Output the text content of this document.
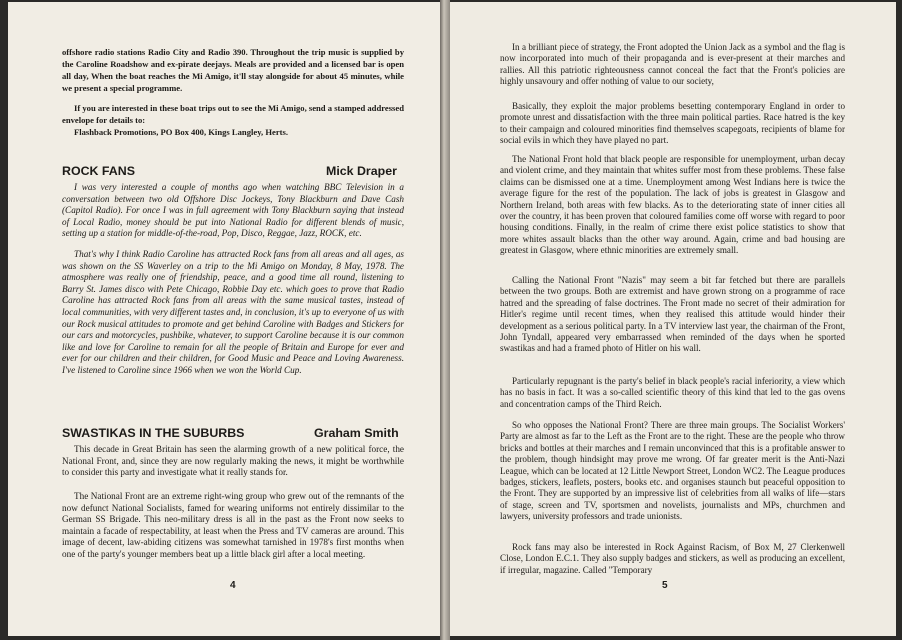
offshore radio stations Radio City and Radio 390. Throughout the trip music is supplied by the Caroline Roadshow and ex-pirate deejays. Meals are provided and a licensed bar is open all day, When the boat reaches the Mi Amigo, it'll stay alongside for about 45 minutes, while we present a special programme.
If you are interested in these boat trips out to see the Mi Amigo, send a stamped addressed envelope for details to:
Flashback Promotions, PO Box 400, Kings Langley, Herts.
ROCK FANS	Mick Draper
I was very interested a couple of months ago when watching BBC Television in a conversation between two old Offshore Disc Jockeys, Tony Blackburn and Dave Cash (Capitol Radio). For once I was in full agreement with Tony Blackburn saying that instead of Local Radio, money should be put into National Radio for different blends of music, setting up a station for middle-of-the-road, Pop, Disco, Reggae, Jazz, ROCK, etc.
That's why I think Radio Caroline has attracted Rock fans from all areas and all ages, as was shown on the SS Waverley on a trip to the Mi Amigo on Monday, 8 May, 1978. The atmosphere was really one of friendship, peace, and a good time all round, listening to Barry St. James disco with Pete Chicago, Robbie Day etc. which goes to prove that Radio Caroline has attracted Rock fans from all areas with the same musical tastes, instead of local communities, with very different tastes and, in conclusion, it's up to everyone of us with our Rock musical attitudes to promote and get behind Caroline with Badges and Stickers for our cars and motorcycles, pushbike, whatever, to support Caroline because it is our common like and love for Caroline to remain for all the people of Britain and Europe for ever and ever for our children and their children, for Good Music and Peace and Loving Awareness. I've listened to Caroline since 1966 when we won the World Cup.
SWASTIKAS IN THE SUBURBS	Graham Smith
This decade in Great Britain has seen the alarming growth of a new political force, the National Front, and, since they are now regularly making the news, it might be worthwhile to consider this party and investigate what it really stands for.
The National Front are an extreme right-wing group who grew out of the remnants of the now defunct National Socialists, famed for wearing uniforms not entirely dissimilar to the German SS Brigade. This neo-military dress is all in the past as the Front now seeks to maintain a facade of respectability, at least when the Press and TV cameras are around. This image of decent, law-abiding citizens was somewhat tarnished in 1978's first months when one of the party's younger members beat up a little black girl after a local meeting.
4
In a brilliant piece of strategy, the Front adopted the Union Jack as a symbol and the flag is now incorporated into much of their propaganda and is ever-present at their marches and rallies. All this patriotic righteousness cannot conceal the fact that the Front's policies are highly unsavoury and offer nothing of value to our society,
Basically, they exploit the major problems besetting contemporary England in order to promote unrest and dissatisfaction with the three main political parties. Race hatred is the key to their campaign and coloured minorities find themselves scapegoats, recipients of blame for social evils in which they have played no part.
The National Front hold that black people are responsible for unemployment, urban decay and violent crime, and they maintain that whites suffer most from these problems. These false claims can be dismissed one at a time. Unemployment among West Indians here is twice the average figure for the rest of the population. The lack of jobs is greatest in Glasgow and Northern Ireland, both areas with few blacks. As to the deteriorating state of inner cities all over the country, it has been proven that coloured families come off worse with regard to poor housing conditions. Finally, in the realm of crime there exist police statistics to show that more whites assault blacks than the other way around. Again, crime and bad housing are greatest in Glasgow, where ethnic minorities are extremely small.
Calling the National Front "Nazis" may seem a bit far fetched but there are parallels between the two groups. Both are extremist and have grown strong on a programme of race hatred and the spreading of false doctrines. The Front made no secret of their admiration for Hitler's regime until recent times, when they realised this attitude would hinder their development as a serious political party. In a TV interview last year, the chairman of the Front, John Tyndall, appeared very embarrassed when reminded of the days when he sported swastikas and had a framed photo of Hitler on his wall.
Particularly repugnant is the party's belief in black people's racial inferiority, a view which has no basis in fact. It was a so-called scientific theory of this kind that led to the gas ovens and concentration camps of the Third Reich.
So who opposes the National Front? There are three main groups. The Socialist Workers' Party are almost as far to the Left as the Front are to the right. These are the people who throw bricks and bottles at their marches and I remain unconvinced that this is a profitable answer to the problem, though hindsight may prove me wrong. Of far greater merit is the Anti-Nazi League, which can be located at 12 Little Newport Street, London WC2. The League produces badges, stickers, leaflets, posters, books etc. and organises staunch but peaceful opposition to the Front. They are supported by an impressive list of celebrities from all walks of life—stars of stage, screen and TV, sportsmen and novelists, journalists and MPs, churchmen and lawyers, university professors and trade unionists.
Rock fans may also be interested in Rock Against Racism, of Box M, 27 Clerkenwell Close, London E.C.1. They also supply badges and stickers, as well as producing an excellent, if irregular, magazine. Called "Temporary
5
